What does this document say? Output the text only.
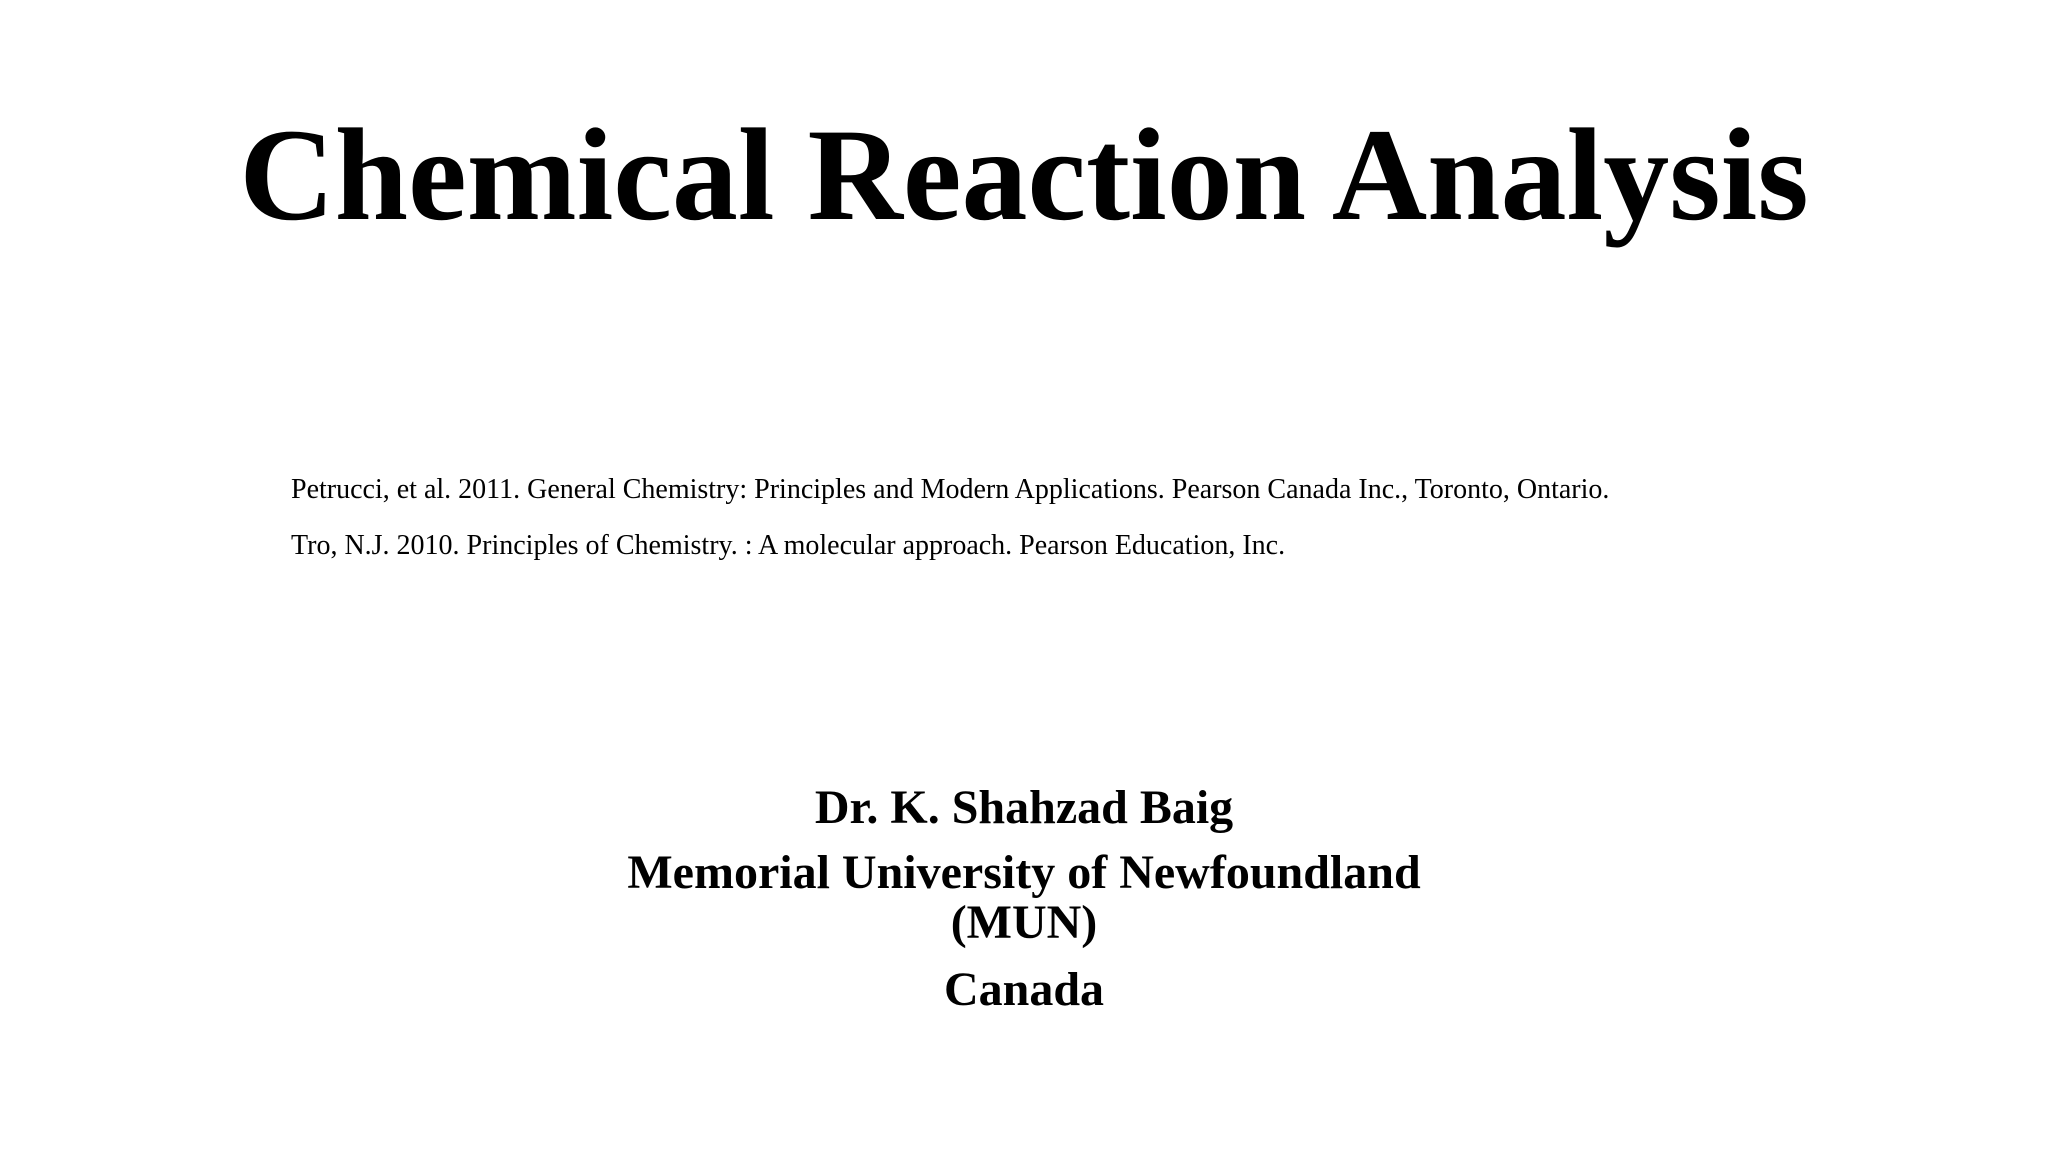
Chemical Reaction Analysis
Petrucci, et al. 2011. General Chemistry: Principles and Modern Applications. Pearson Canada Inc., Toronto, Ontario.
Tro, N.J. 2010. Principles of Chemistry. : A molecular approach. Pearson Education, Inc.
Dr. K. Shahzad Baig
Memorial University of Newfoundland (MUN)
Canada
